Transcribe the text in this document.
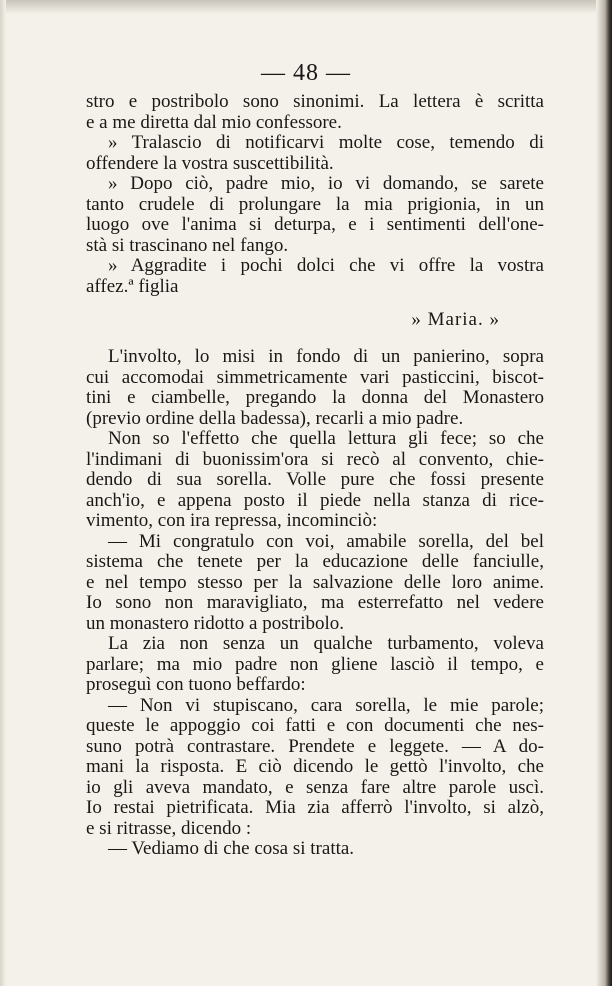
— 48 —
stro e postribolo sono sinonimi. La lettera è scritta
e a me diretta dal mio confessore.
» Tralascio di notificarvi molte cose, temendo di
offendere la vostra suscettibilità.
» Dopo ciò, padre mio, io vi domando, se sarete
tanto crudele di prolungare la mia prigionia, in un
luogo ove l'anima si deturpa, e i sentimenti dell'one-
stà si trascinano nel fango.
» Aggradite i pochi dolci che vi offre la vostra
affez.ª figlia
» Maria. »
L'involto, lo misi in fondo di un panierino, sopra
cui accomodai simmetricamente vari pasticcini, biscot-
tini e ciambelle, pregando la donna del Monastero
(previo ordine della badessa), recarli a mio padre.
Non so l'effetto che quella lettura gli fece; so che
l'indimani di buonissim'ora si recò al convento, chie-
dendo di sua sorella. Volle pure che fossi presente
anch'io, e appena posto il piede nella stanza di rice-
vimento, con ira repressa, incominciò:
— Mi congratulo con voi, amabile sorella, del bel
sistema che tenete per la educazione delle fanciulle,
e nel tempo stesso per la salvazione delle loro anime.
Io sono non maravigliato, ma esterrefatto nel vedere
un monastero ridotto a postribolo.
La zia non senza un qualche turbamento, voleva
parlare; ma mio padre non gliene lasciò il tempo, e
proseguì con tuono beffardo:
— Non vi stupiscano, cara sorella, le mie parole;
queste le appoggio coi fatti e con documenti che nes-
suno potrà contrastare. Prendete e leggete. — A do-
mani la risposta. E ciò dicendo le gettò l'involto, che
io gli aveva mandato, e senza fare altre parole uscì.
Io restai pietrificata. Mia zia afferrò l'involto, si alzò,
e si ritrasse, dicendo :
— Vediamo di che cosa si tratta.
